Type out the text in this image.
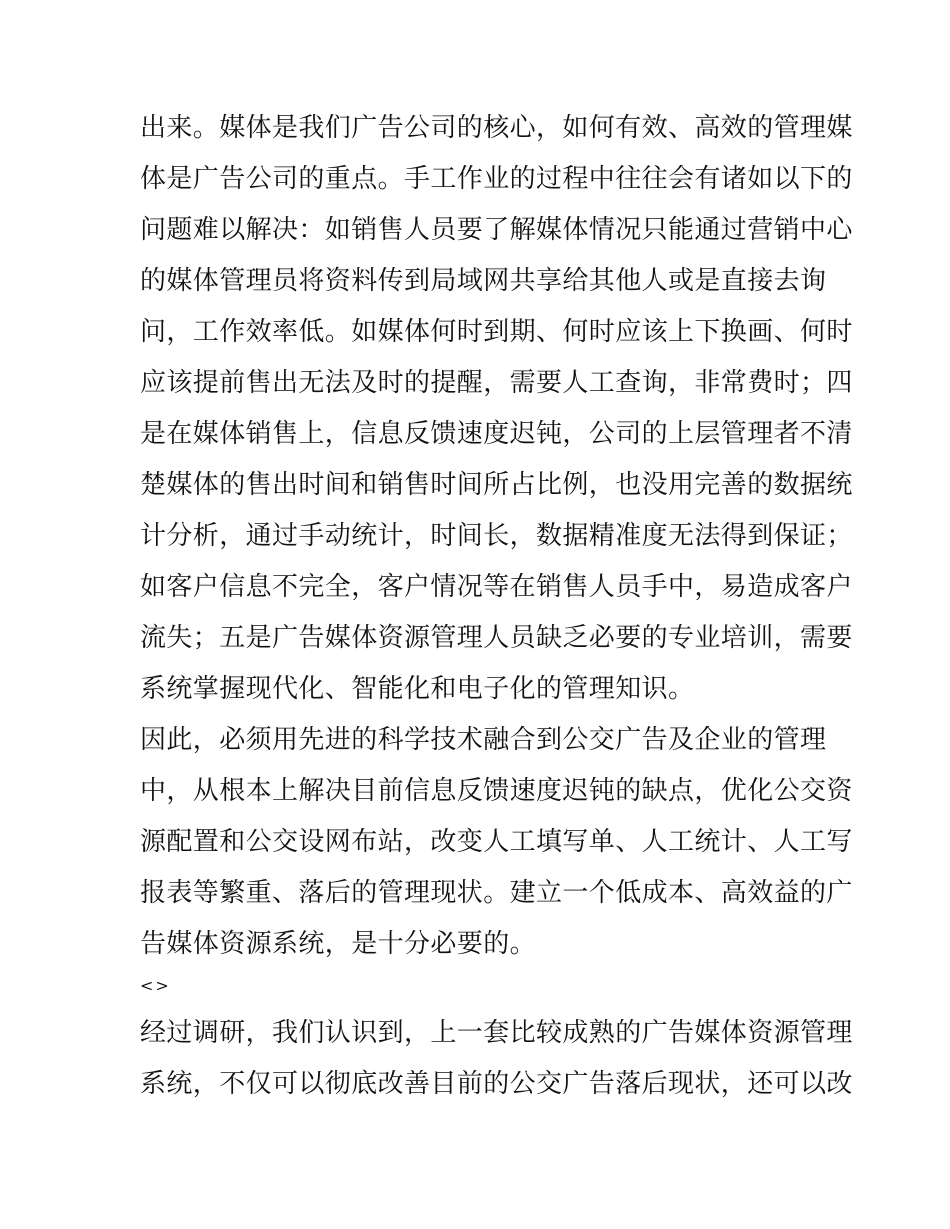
出来。媒体是我们广告公司的核心，如何有效、高效的管理媒
体是广告公司的重点。手工作业的过程中往往会有诸如以下的
问题难以解决：如销售人员要了解媒体情况只能通过营销中心
的媒体管理员将资料传到局域网共享给其他人或是直接去询
问，工作效率低。如媒体何时到期、何时应该上下换画、何时
应该提前售出无法及时的提醒，需要人工查询，非常费时；四
是在媒体销售上，信息反馈速度迟钝，公司的上层管理者不清
楚媒体的售出时间和销售时间所占比例，也没用完善的数据统
计分析，通过手动统计，时间长，数据精准度无法得到保证；
如客户信息不完全，客户情况等在销售人员手中，易造成客户
流失；五是广告媒体资源管理人员缺乏必要的专业培训，需要
系统掌握现代化、智能化和电子化的管理知识。
因此，必须用先进的科学技术融合到公交广告及企业的管理
中，从根本上解决目前信息反馈速度迟钝的缺点，优化公交资
源配置和公交设网布站，改变人工填写单、人工统计、人工写
报表等繁重、落后的管理现状。建立一个低成本、高效益的广
告媒体资源系统，是十分必要的。
<>
经过调研，我们认识到，上一套比较成熟的广告媒体资源管理
系统，不仅可以彻底改善目前的公交广告落后现状，还可以改
